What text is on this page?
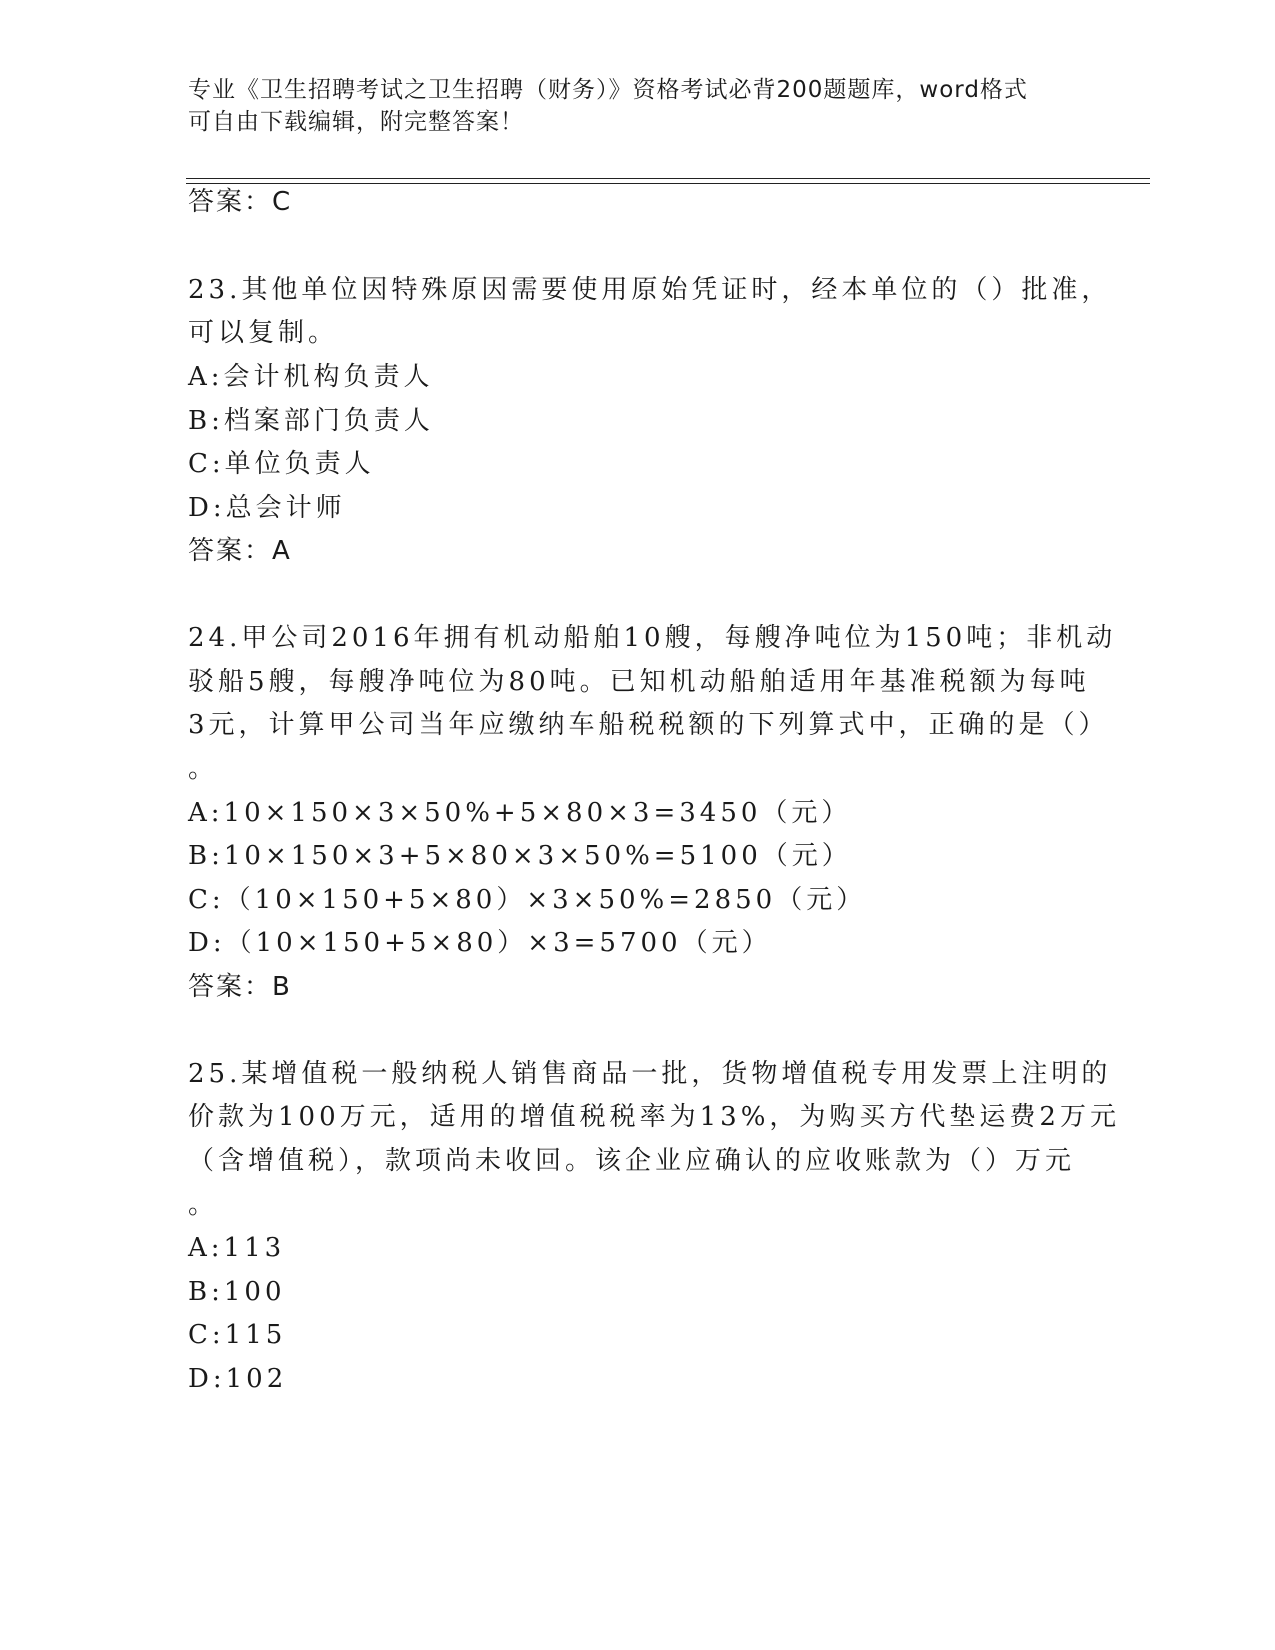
专业《卫生招聘考试之卫生招聘（财务）》资格考试必背200题题库，word格式
可自由下载编辑，附完整答案！
答案：C
23.其他单位因特殊原因需要使用原始凭证时，经本单位的（）批准，
可以复制。
A:会计机构负责人
B:档案部门负责人
C:单位负责人
D:总会计师
答案：A
24.甲公司2016年拥有机动船舶10艘，每艘净吨位为150吨；非机动
驳船5艘，每艘净吨位为80吨。已知机动船舶适用年基准税额为每吨
3元，计算甲公司当年应缴纳车船税税额的下列算式中，正确的是（）
。
A:10×150×3×50%+5×80×3=3450（元）
B:10×150×3+5×80×3×50%=5100（元）
C:（10×150+5×80）×3×50%=2850（元）
D:（10×150+5×80）×3=5700（元）
答案：B
25.某增值税一般纳税人销售商品一批，货物增值税专用发票上注明的
价款为100万元，适用的增值税税率为13%，为购买方代垫运费2万元
（含增值税），款项尚未收回。该企业应确认的应收账款为（）万元
。
A:113
B:100
C:115
D:102
